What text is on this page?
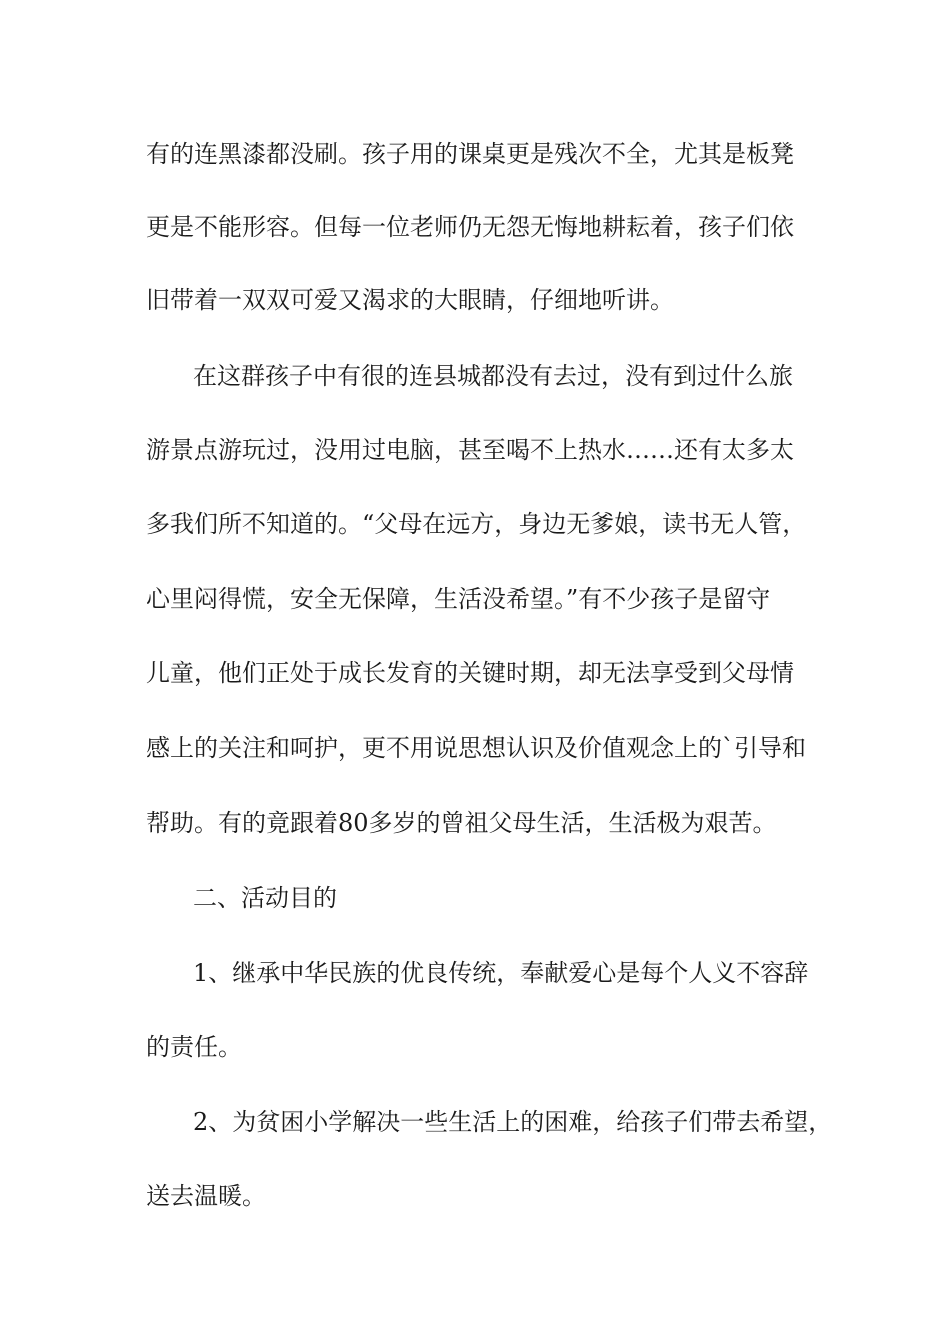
有的连黑漆都没刷。孩子用的课桌更是残次不全，尤其是板凳
更是不能形容。但每一位老师仍无怨无悔地耕耘着，孩子们依
旧带着一双双可爱又渴求的大眼睛，仔细地听讲。
在这群孩子中有很的连县城都没有去过，没有到过什么旅
游景点游玩过，没用过电脑，甚至喝不上热水……还有太多太
多我们所不知道的。“父母在远方，身边无爹娘，读书无人管，
心里闷得慌，安全无保障，生活没希望。”有不少孩子是留守
儿童，他们正处于成长发育的关键时期，却无法享受到父母情
感上的关注和呵护，更不用说思想认识及价值观念上的`引导和
帮助。有的竟跟着80多岁的曾祖父母生活，生活极为艰苦。
二、活动目的
1、继承中华民族的优良传统，奉献爱心是每个人义不容辞
的责任。
2、为贫困小学解决一些生活上的困难，给孩子们带去希望，
送去温暖。
